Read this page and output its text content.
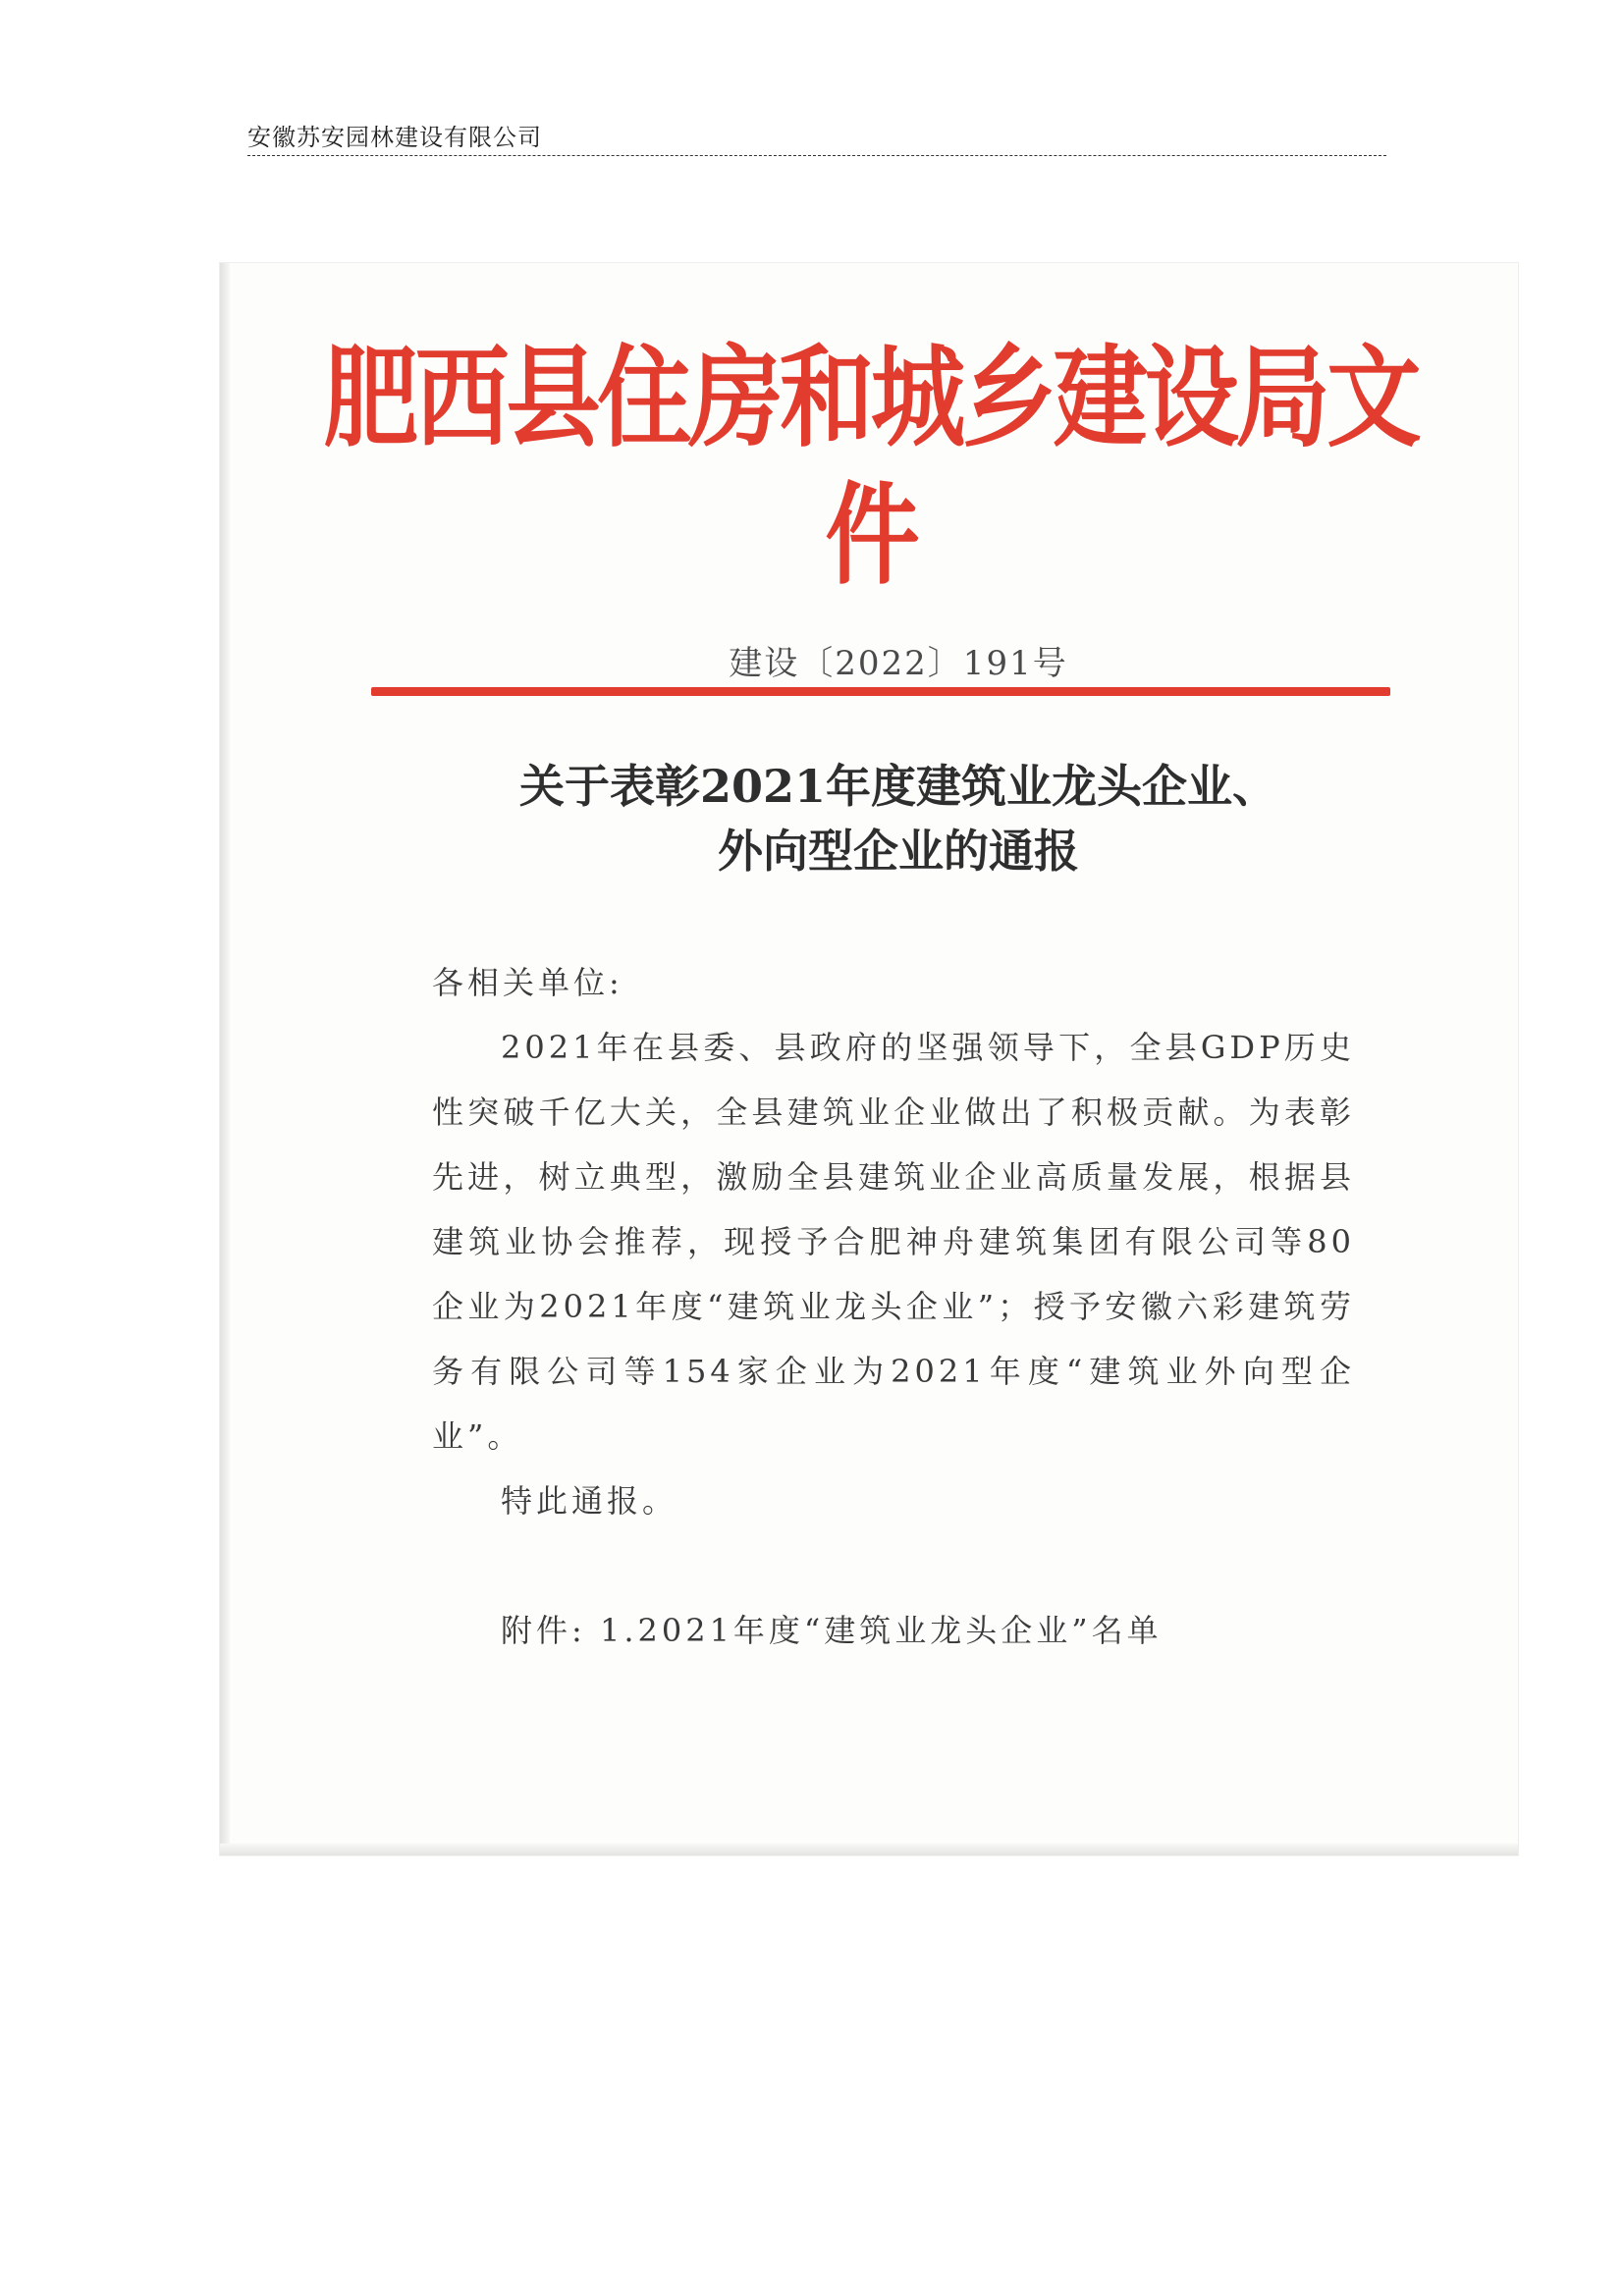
安徽苏安园林建设有限公司
肥西县住房和城乡建设局文件
建设〔2022〕191号
关于表彰2021年度建筑业龙头企业、
外向型企业的通报

各相关单位:

2021年在县委、县政府的坚强领导下，全县GDP历史性突破千亿大关，全县建筑业企业做出了积极贡献。为表彰先进，树立典型，激励全县建筑业企业高质量发展，根据县建筑业协会推荐，现授予合肥神舟建筑集团有限公司等80企业为2021年度“建筑业龙头企业”；授予安徽六彩建筑劳务有限公司等154家企业为2021年度“建筑业外向型企业”。

特此通报。

附件: 1.2021年度“建筑业龙头企业”名单
